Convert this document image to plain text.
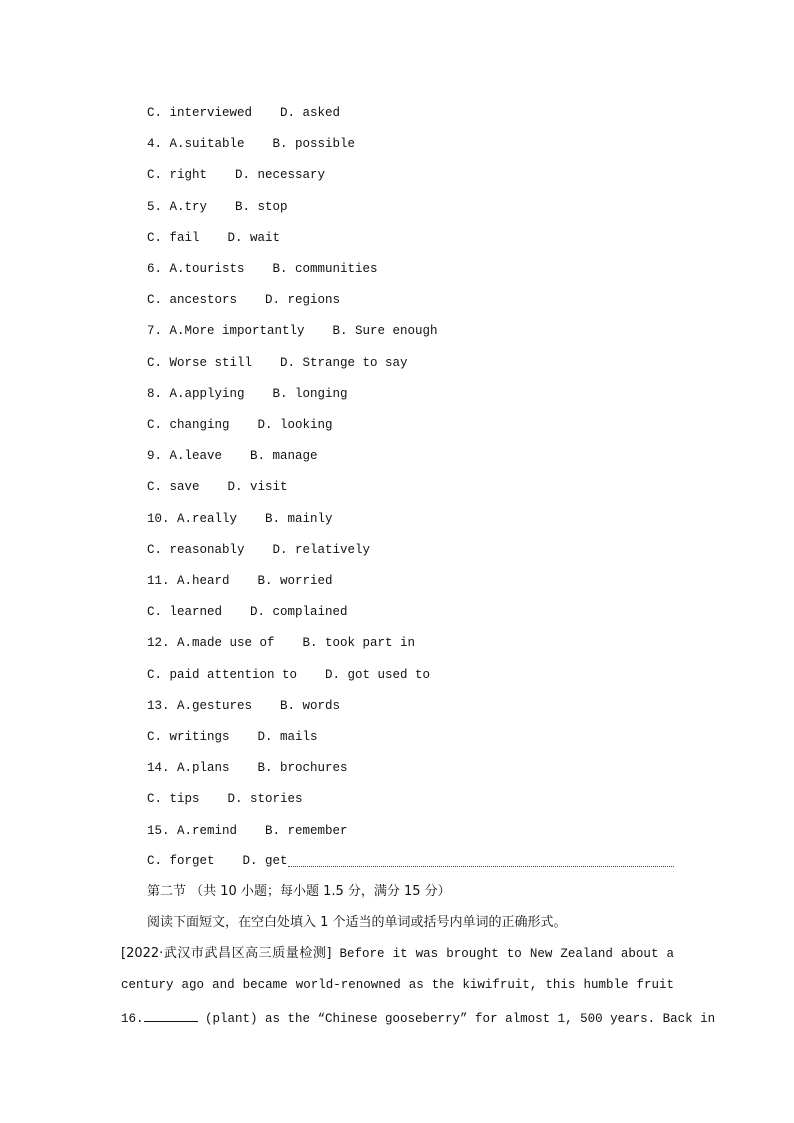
C. interviewed D. asked
4. A.suitable B. possible
C. right D. necessary
5. A.try B. stop
C. fail D. wait
6. A.tourists B. communities
C. ancestors D. regions
7. A.More importantly B. Sure enough
C. Worse still D. Strange to say
8. A.applying B. longing
C. changing D. looking
9. A.leave B. manage
C. save D. visit
10. A.really B. mainly
C. reasonably D. relatively
11. A.heard B. worried
C. learned D. complained
12. A.made use of B. took part in
C. paid attention to D. got used to
13. A.gestures B. words
C. writings D. mails
14. A.plans B. brochures
C. tips D. stories
15. A.remind B. remember
C. forget D. get
第二节 （共 10 小题；每小题 1.5 分，满分 15 分）
阅读下面短文，在空白处填入 1 个适当的单词或括号内单词的正确形式。
[2022·武汉市武昌区高三质量检测] Before it was brought to New Zealand about a
century ago and became world-renowned as the kiwifruit, this humble fruit
16.	(plant) as the “Chinese gooseberry” for almost 1, 500 years. Back in
